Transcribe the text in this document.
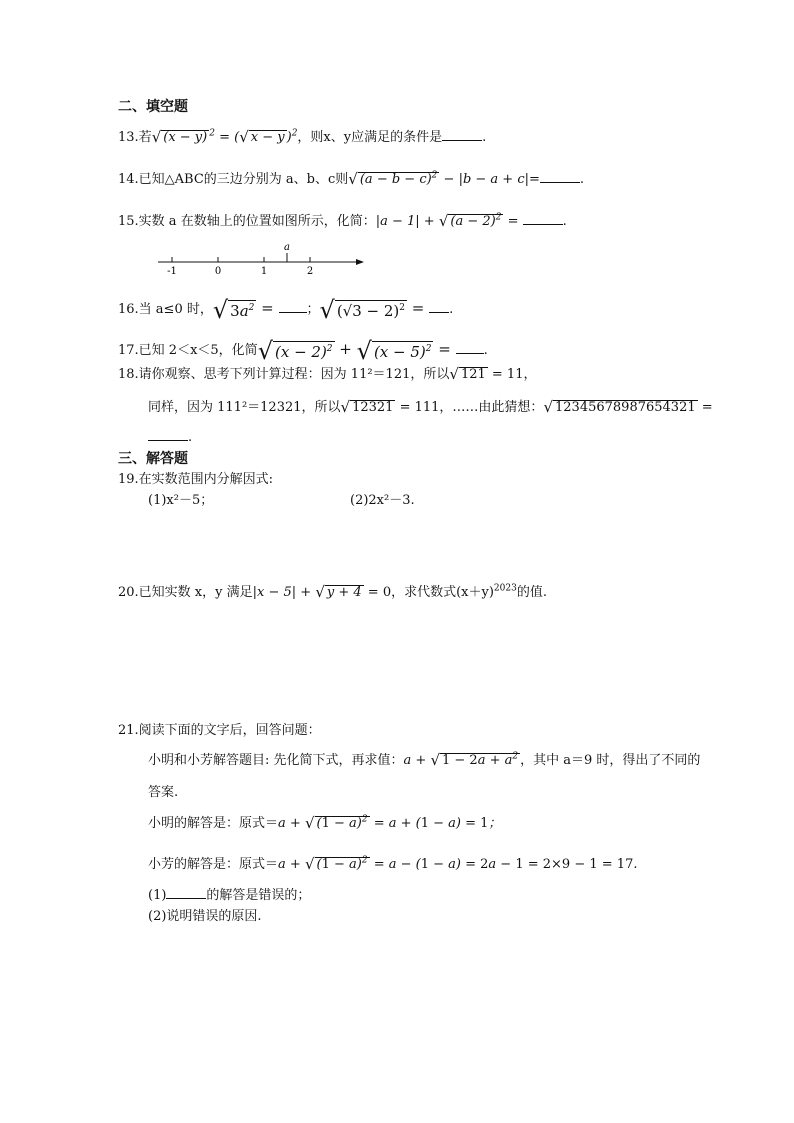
二、填空题
13.若 √ (x − y) $^2$ = ( √ x − y )$^2$，则x、y应满足的条件是	.
14.已知△ABC的三边分别为 a、b、c则 √ $(a - b - c)^2 - |b - a + c|=$	.
15.实数 a 在数轴上的位置如图所示，化简：|a − 1| + √ $(a - 2)^2$ =	.
-1	0	1	2
a
16.当 a≤0 时， √ $3a^2$ = ； √ $(√3 - 2)^2$ = .
17.已知 2＜x＜5，化简 √ $(x - 2)^2$ + √ $(x - 5)^2$ = .
18.请你观察、思考下列计算过程：因为 11²＝121，所以 √ 121 = 11，
同样，因为 111²＝12321，所以 √ 12321 = 111，……由此猜想： √ 12345678987654321 =
.
三、解答题
19.在实数范围内分解因式:
(1)x²－5；	(2)2x²－3.
20.已知实数 x，y 满足|x − 5| + √ y + 4 = 0，求代数式$(x+y)^{2023}$的值.
21.阅读下面的文字后，回答问题：
小明和小芳解答题目: 先化简下式，再求值：a + √ $1 - 2a + a^2$ ，其中 a＝9 时，得出了不同的
答案.
小明的解答是：原式＝a + √ $(1 - a)^2 = a + (1 - a) = 1$；
小芳的解答是：原式＝a + √ $(1 - a)^2 = a - (1 - a) = 2a - 1 = 2\times 9 - 1 = 17$.
(1)	的解答是错误的；
(2)说明错误的原因.
